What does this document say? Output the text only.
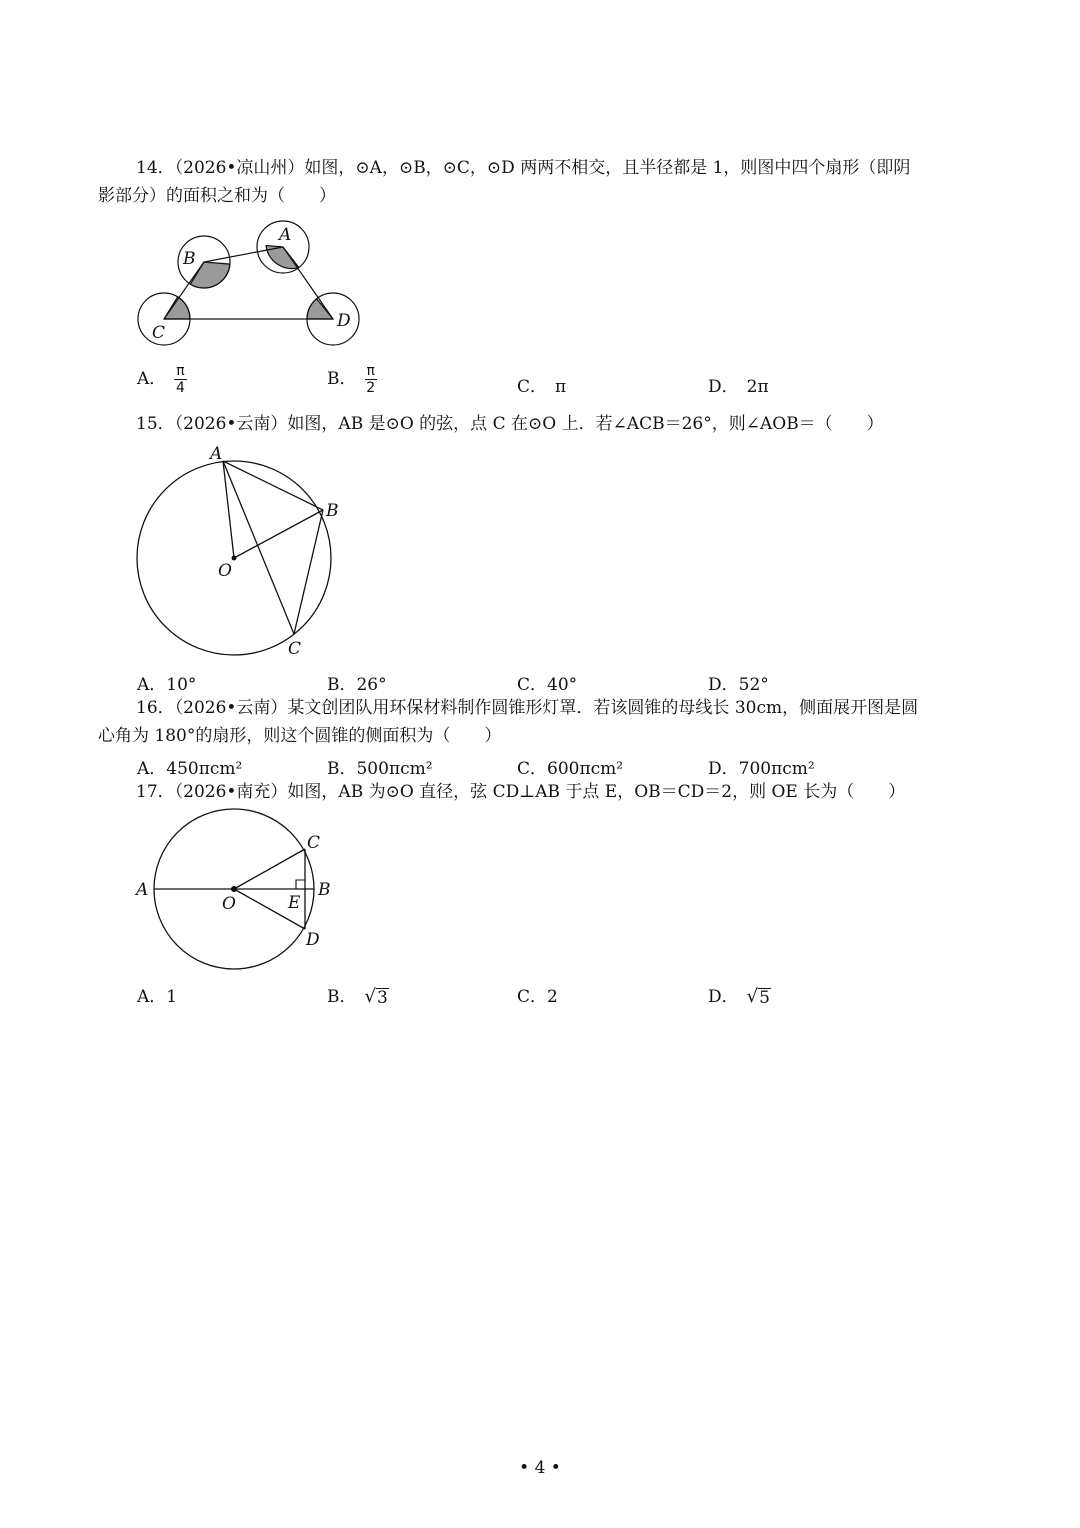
14．（2026•凉山州）如图，⊙A，⊙B，⊙C，⊙D 两两不相交，且半径都是 1，则图中四个扇形（即阴
影部分）的面积之和为（　　）
A
B
C
D
A． $\frac{\pi}{4}$	B． $\frac{\pi}{2}$	C． π	D． 2π
15．（2026•云南）如图，AB 是⊙O 的弦，点 C 在⊙O 上．若∠ACB＝26°，则∠AOB＝（　　）
A
B
O
C
A．10°	B．26°	C．40°	D．52°
16．（2026•云南）某文创团队用环保材料制作圆锥形灯罩．若该圆锥的母线长 30cm，侧面展开图是圆
心角为 180°的扇形，则这个圆锥的侧面积为（　　）
A．450πcm²	B．500πcm²	C．600πcm²	D．700πcm²
17．（2026•南充）如图，AB 为⊙O 直径，弦 CD⊥AB 于点 E，OB＝CD＝2，则 OE 长为（　　）
A
O	E
B
C
D
A．1	B． √ 3	C．2	D． √ 5
• 4 •
